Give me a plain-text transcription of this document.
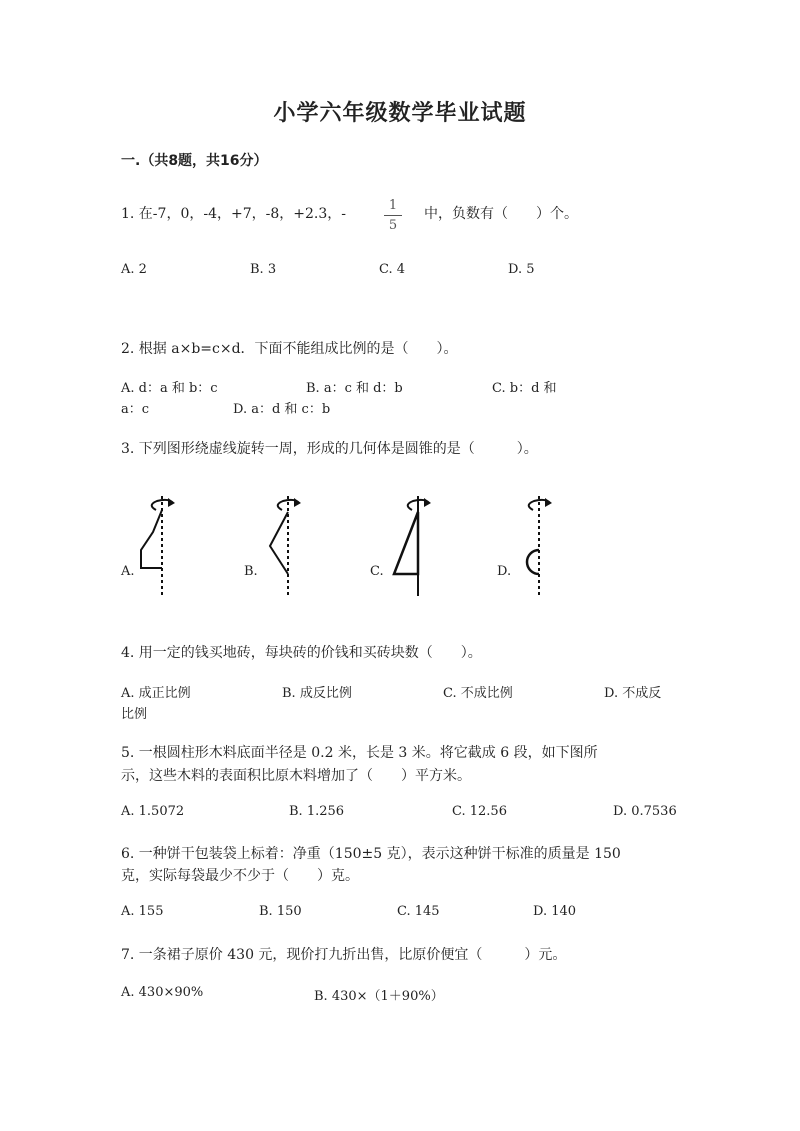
小学六年级数学毕业试题
一.（共8题，共16分）
1. 在-7，0，-4，+7，-8，+2.3，-
1
5
中，负数有（　　）个。
A. 2	B. 3	C. 4	D. 5
2. 根据 a×b=c×d．下面不能组成比例的是（　　）。
A. d：a 和 b：c	B. a：c 和 d：b	C. b：d 和
a：c	D. a：d 和 c：b
3. 下列图形绕虚线旋转一周，形成的几何体是圆锥的是（　　　）。
A.	B.	C.	D.
4. 用一定的钱买地砖，每块砖的价钱和买砖块数（　　）。
A. 成正比例	B. 成反比例	C. 不成比例	D. 不成反
比例
5. 一根圆柱形木料底面半径是 0.2 米，长是 3 米。将它截成 6 段，如下图所
示，这些木料的表面积比原木料增加了（　　）平方米。
A. 1.5072	B. 1.256	C. 12.56	D. 0.7536
6. 一种饼干包装袋上标着：净重（150±5 克），表示这种饼干标准的质量是 150
克，实际每袋最少不少于（　　）克。
A. 155	B. 150	C. 145	D. 140
7. 一条裙子原价 430 元，现价打九折出售，比原价便宜（　　　）元。
A. 430×90%	B. 430×（1＋90%）
